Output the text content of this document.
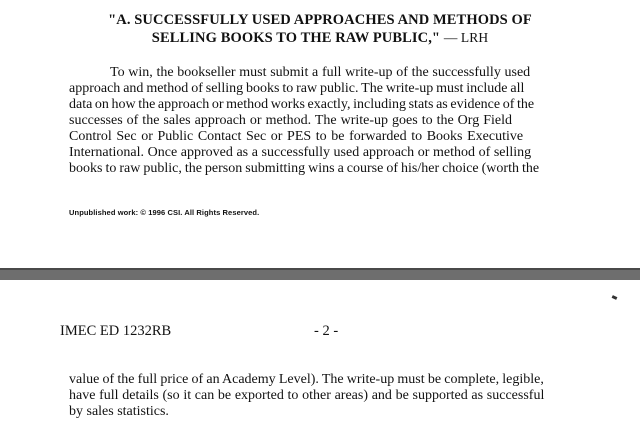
"A. SUCCESSFULLY USED APPROACHES AND METHODS OF
SELLING BOOKS TO THE RAW PUBLIC," — LRH
To win, the bookseller must submit a full write-up of the successfully used
approach and method of selling books to raw public. The write-up must include all
data on how the approach or method works exactly, including stats as evidence of the
successes of the sales approach or method. The write-up goes to the Org Field
Control Sec or Public Contact Sec or PES to be forwarded to Books Executive
International. Once approved as a successfully used approach or method of selling
books to raw public, the person submitting wins a course of his/her choice (worth the
Unpublished work: © 1996 CSI. All Rights Reserved.
IMEC ED 1232RB	- 2 -
value of the full price of an Academy Level). The write-up must be complete, legible,
have full details (so it can be exported to other areas) and be supported as successful
by sales statistics.
